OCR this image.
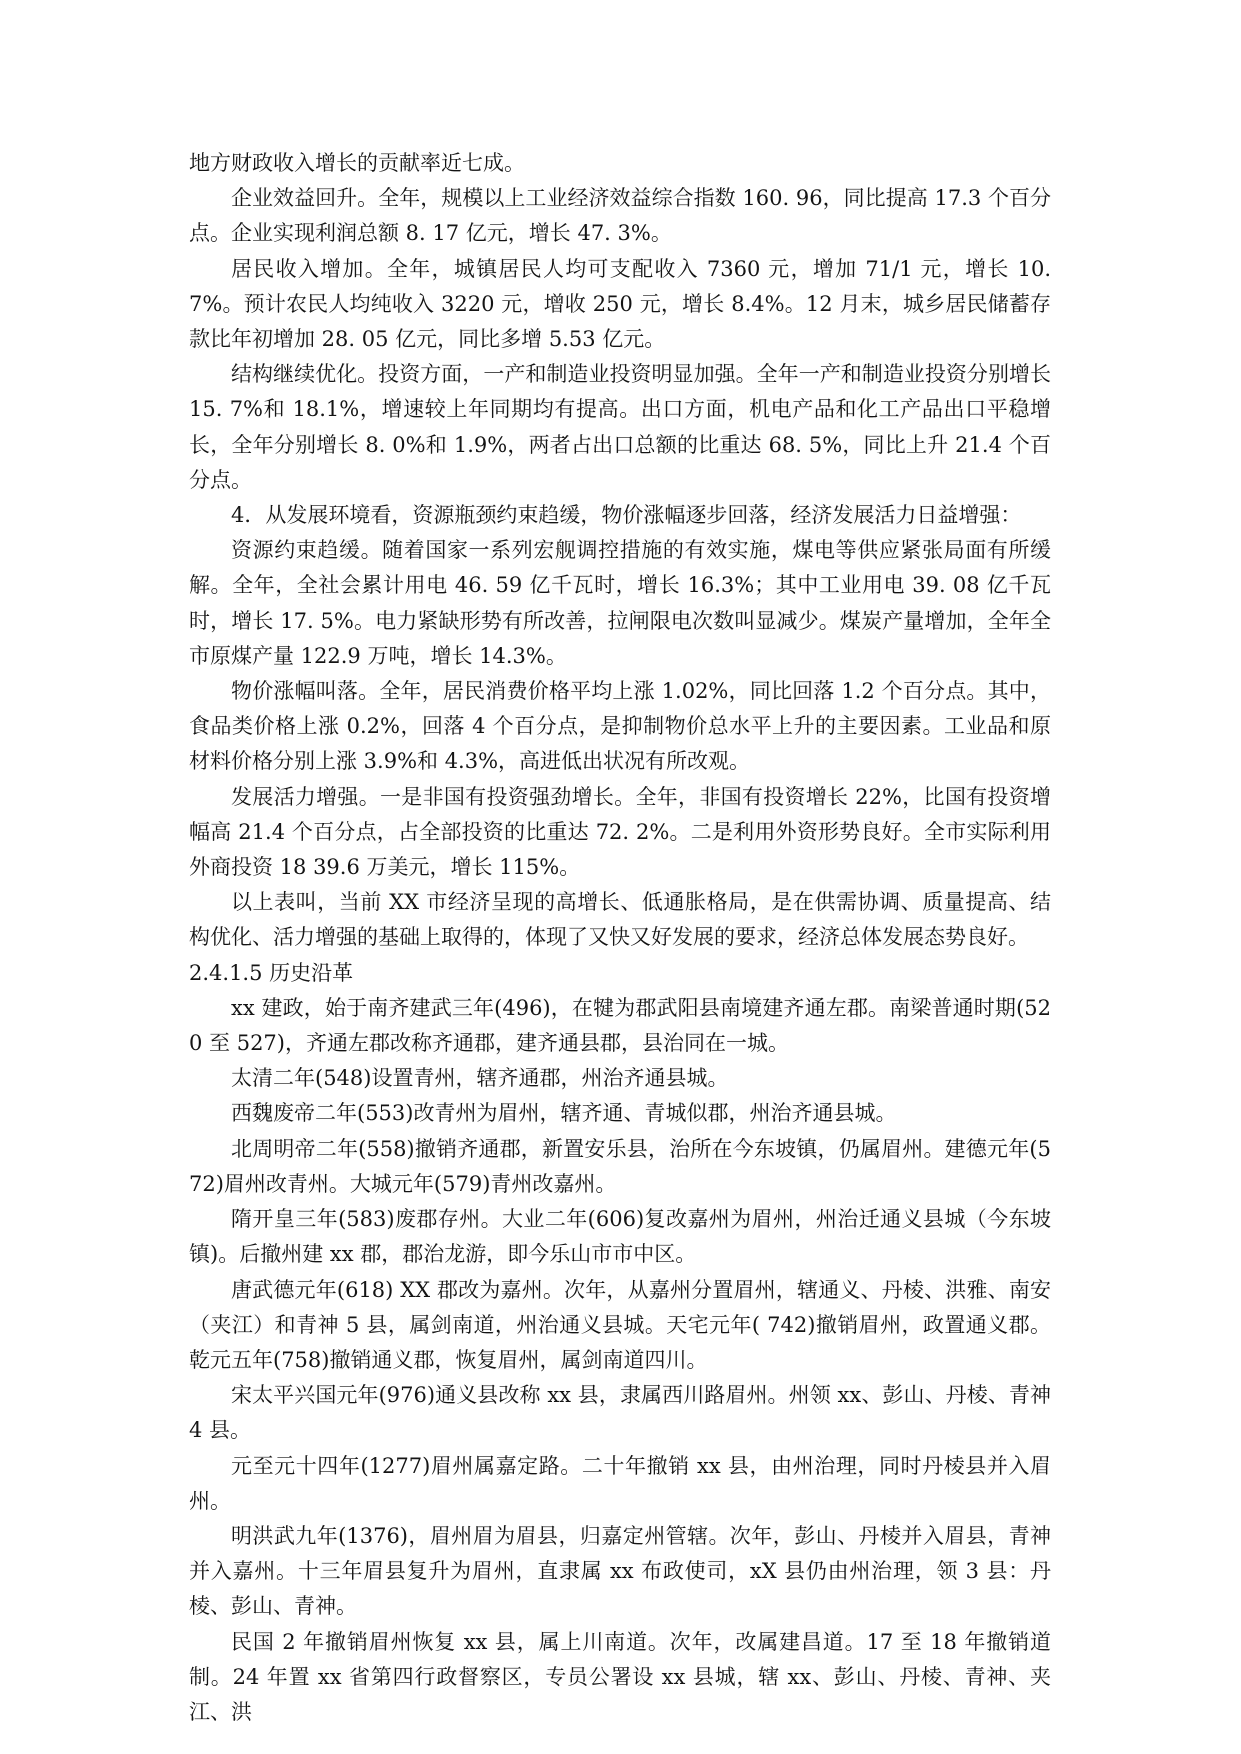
地方财政收入增长的贡献率近七成。

企业效益回升。全年，规模以上工业经济效益综合指数 160. 96，同比提高 17.3 个百分点。企业实现利润总额 8. 17 亿元，增长 47. 3%。

居民收入增加。全年，城镇居民人均可支配收入 7360 元，增加 71/1 元，增长 10. 7%。预计农民人均纯收入 3220 元，增收 250 元，增长 8.4%。12 月末，城乡居民储蓄存款比年初增加 28. 05 亿元，同比多增 5.53 亿元。

结构继续优化。投资方面，一产和制造业投资明显加强。全年一产和制造业投资分别增长 15. 7%和 18.1%，增速较上年同期均有提高。出口方面，机电产品和化工产品出口平稳增长，全年分别增长 8. 0%和 1.9%，两者占出口总额的比重达 68. 5%，同比上升 21.4 个百分点。

4．从发展环境看，资源瓶颈约束趋缓，物价涨幅逐步回落，经济发展活力日益增强：

资源约束趋缓。随着国家一系列宏舰调控措施的有效实施，煤电等供应紧张局面有所缓解。全年，全社会累计用电 46. 59 亿千瓦时，增长 16.3%；其中工业用电 39. 08 亿千瓦时，增长 17. 5%。电力紧缺形势有所改善，拉闸限电次数叫显减少。煤炭产量增加，全年全市原煤产量 122.9 万吨，增长 14.3%。

物价涨幅叫落。全年，居民消费价格平均上涨 1.02%，同比回落 1.2 个百分点。其中，食品类价格上涨 0.2%，回落 4 个百分点，是抑制物价总水平上升的主要因素。工业品和原材料价格分别上涨 3.9%和 4.3%，高进低出状况有所改观。

发展活力增强。一是非国有投资强劲增长。全年，非国有投资增长 22%，比国有投资增幅高 21.4 个百分点，占全部投资的比重达 72. 2%。二是利用外资形势良好。全市实际利用外商投资 18 39.6 万美元，增长 115%。

以上表叫，当前 XX 市经济呈现的高增长、低通胀格局，是在供需协调、质量提高、结构优化、活力增强的基础上取得的，体现了又快又好发展的要求，经济总体发展态势良好。

2.4.1.5 历史沿革

xx 建政，始于南齐建武三年(496)，在犍为郡武阳县南境建齐通左郡。南梁普通时期(520 至 527)，齐通左郡改称齐通郡，建齐通县郡，县治同在一城。

太清二年(548)设置青州，辖齐通郡，州治齐通县城。

西魏废帝二年(553)改青州为眉州，辖齐通、青城似郡，州治齐通县城。

北周明帝二年(558)撤销齐通郡，新置安乐县，治所在今东坡镇，仍属眉州。建德元年(572)眉州改青州。大城元年(579)青州改嘉州。

隋开皇三年(583)废郡存州。大业二年(606)复改嘉州为眉州，州治迁通义县城（今东坡镇)。后撤州建 xx 郡，郡治龙游，即今乐山市市中区。

唐武德元年(618) XX 郡改为嘉州。次年，从嘉州分置眉州，辖通义、丹棱、洪雅、南安（夹江）和青神 5 县，属剑南道，州治通义县城。天宅元年( 742)撤销眉州，政置通义郡。乾元五年(758)撤销通义郡，恢复眉州，属剑南道四川。

宋太平兴国元年(976)通义县改称 xx 县，隶属西川路眉州。州领 xx、彭山、丹棱、青神 4 县。

元至元十四年(1277)眉州属嘉定路。二十年撤销 xx 县，由州治理，同时丹棱县并入眉州。

明洪武九年(1376)，眉州眉为眉县，归嘉定州管辖。次年，彭山、丹棱并入眉县，青神并入嘉州。十三年眉县复升为眉州，直隶属 xx 布政使司，xX 县仍由州治理，领 3 县：丹棱、彭山、青神。

民国 2 年撤销眉州恢复 xx 县，属上川南道。次年，改属建昌道。17 至 18 年撤销道制。24 年置 xx 省第四行政督察区，专员公署设 xx 县城，辖 xx、彭山、丹棱、青神、夹江、洪
